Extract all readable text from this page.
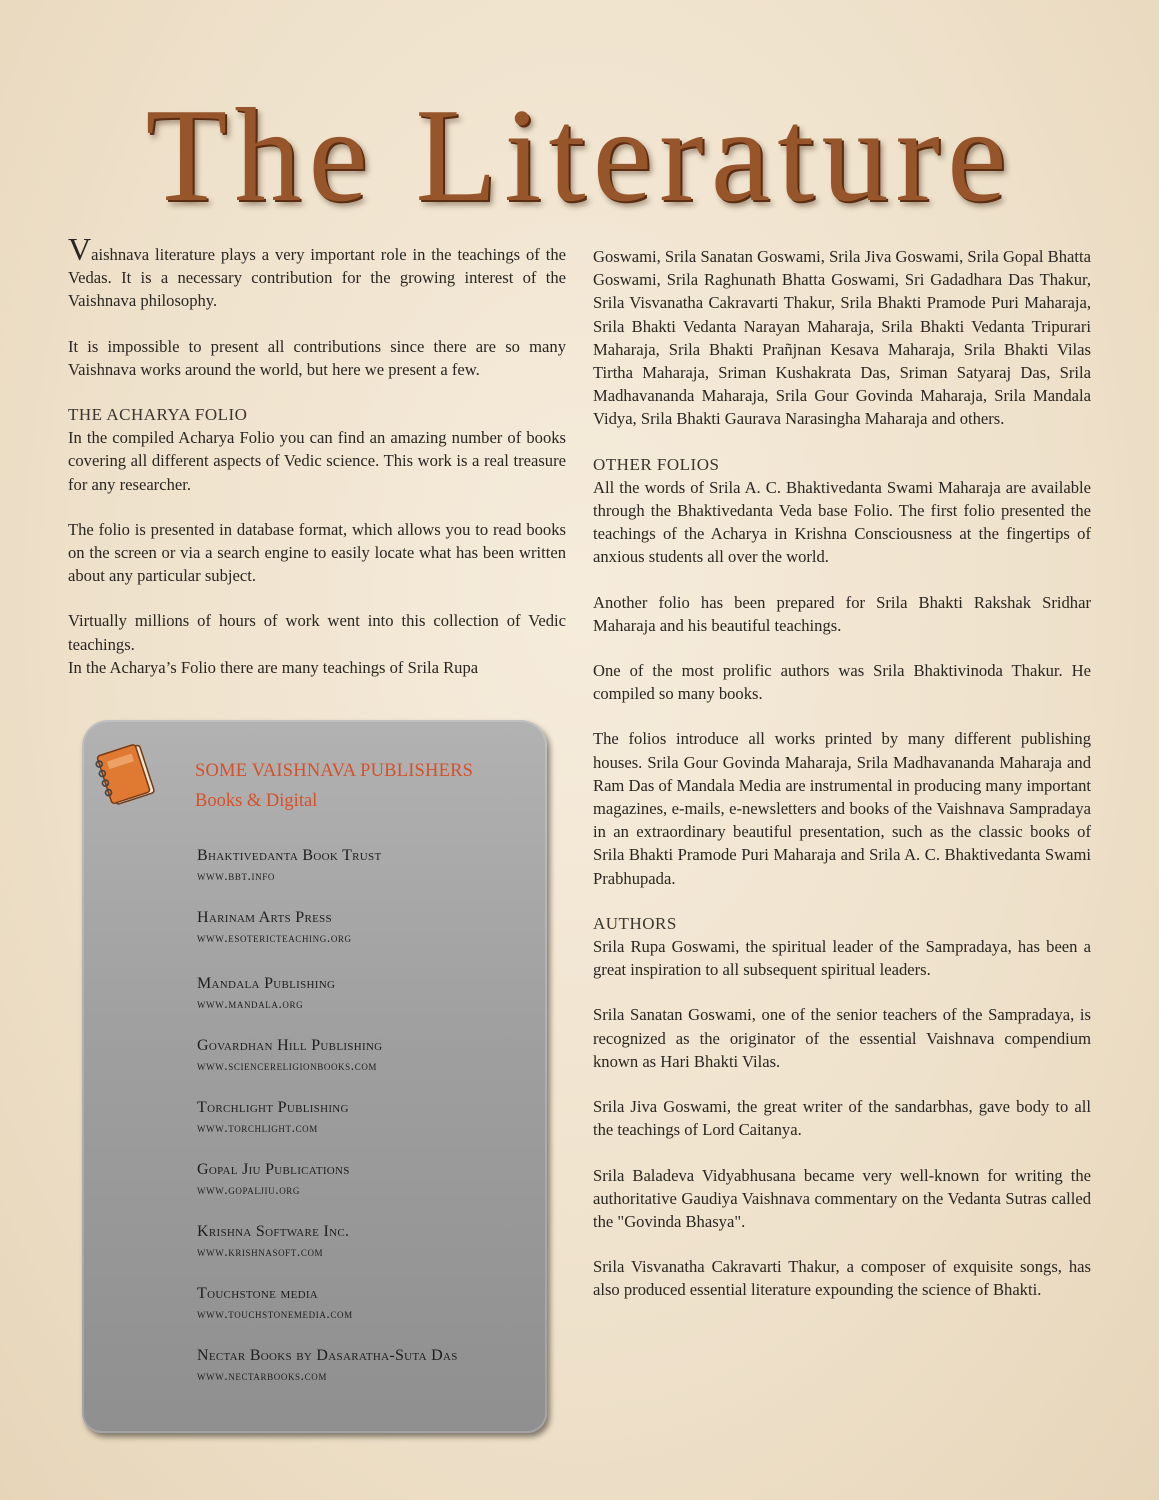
The Literature

Vaishnava literature plays a very important role in the teachings of the Vedas. It is a necessary contribution for the growing interest of the Vaishnava philosophy.

It is impossible to present all contributions since there are so many Vaishnava works around the world, but here we present a few.

THE ACHARYA FOLIO

In the compiled Acharya Folio you can find an amazing number of books covering all different aspects of Vedic science. This work is a real treasure for any researcher.

The folio is presented in database format, which allows you to read books on the screen or via a search engine to easily locate what has been written about any particular subject.

Virtually millions of hours of work went into this collection of Vedic teachings.

In the Acharya’s Folio there are many teachings of Srila Rupa

SOME VAISHNAVA PUBLISHERS
Books & Digital
Bhaktivedanta Book Trust
www.bbt.info
Harinam Arts Press
www.esotericteaching.org
Mandala Publishing
www.mandala.org
Govardhan Hill Publishing
www.sciencereligionbooks.com
Torchlight Publishing
www.torchlight.com
Gopal Jiu Publications
www.gopaljiu.org
Krishna Software Inc.
www.krishnasoft.com
Touchstone media
www.touchstonemedia.com
Nectar Books by Dasaratha-Suta Das
www.nectarbooks.com

Goswami, Srila Sanatan Goswami, Srila Jiva Goswami, Srila Gopal Bhatta Goswami, Srila Raghunath Bhatta Goswami, Sri Gadadhara Das Thakur, Srila Visvanatha Cakravarti Thakur, Srila Bhakti Pramode Puri Maharaja, Srila Bhakti Vedanta Narayan Maharaja, Srila Bhakti Vedanta Tripurari Maharaja, Srila Bhakti Prañjnan Kesava Maharaja, Srila Bhakti Vilas Tirtha Maharaja, Sriman Kushakrata Das, Sriman Satyaraj Das, Srila Madhavananda Maharaja, Srila Gour Govinda Maharaja, Srila Mandala Vidya, Srila Bhakti Gaurava Narasingha Maharaja and others.

OTHER FOLIOS

All the words of Srila A. C. Bhaktivedanta Swami Maharaja are available through the Bhaktivedanta Veda base Folio. The first folio presented the teachings of the Acharya in Krishna Consciousness at the fingertips of anxious students all over the world.

Another folio has been prepared for Srila Bhakti Rakshak Sridhar Maharaja and his beautiful teachings.

One of the most prolific authors was Srila Bhaktivinoda Thakur. He compiled so many books.

The folios introduce all works printed by many different publishing houses. Srila Gour Govinda Maharaja, Srila Madhavananda Maharaja and Ram Das of Mandala Media are instrumental in producing many important magazines, e-mails, e-newsletters and books of the Vaishnava Sampradaya in an extraordinary beautiful presentation, such as the classic books of Srila Bhakti Pramode Puri Maharaja and Srila A. C. Bhaktivedanta Swami Prabhupada.

AUTHORS

Srila Rupa Goswami, the spiritual leader of the Sampradaya, has been a great inspiration to all subsequent spiritual leaders.

Srila Sanatan Goswami, one of the senior teachers of the Sampradaya, is recognized as the originator of the essential Vaishnava compendium known as Hari Bhakti Vilas.

Srila Jiva Goswami, the great writer of the sandarbhas, gave body to all the teachings of Lord Caitanya.

Srila Baladeva Vidyabhusana became very well-known for writing the authoritative Gaudiya Vaishnava commentary on the Vedanta Sutras called the "Govinda Bhasya".

Srila Visvanatha Cakravarti Thakur, a composer of exquisite songs, has also produced essential literature expounding the science of Bhakti.
